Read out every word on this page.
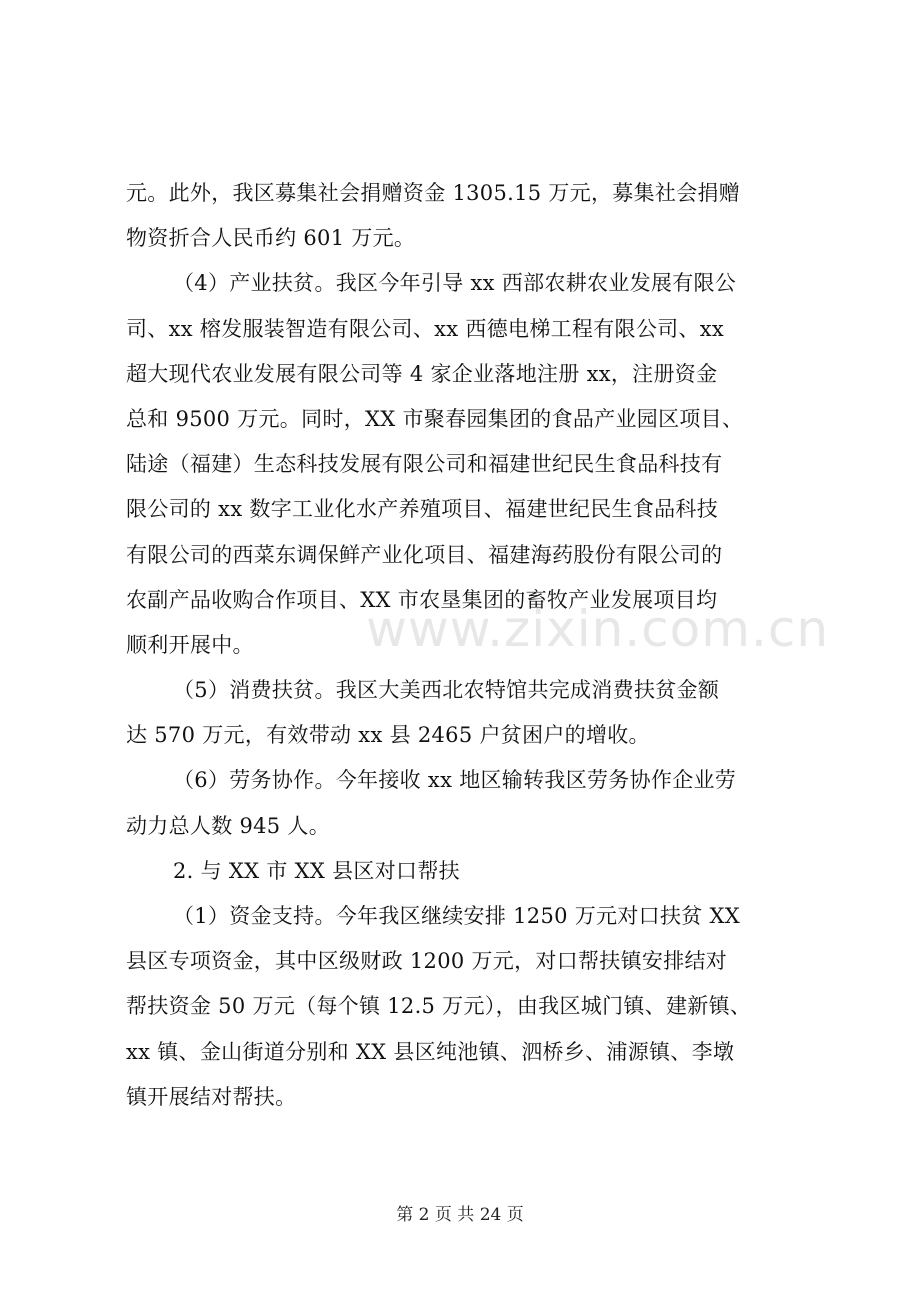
元。此外，我区募集社会捐赠资金 1305.15 万元，募集社会捐赠
物资折合人民币约 601 万元。
（4）产业扶贫。我区今年引导 xx 西部农耕农业发展有限公
司、xx 榕发服装智造有限公司、xx 西德电梯工程有限公司、xx
超大现代农业发展有限公司等 4 家企业落地注册 xx，注册资金
总和 9500 万元。同时，XX 市聚春园集团的食品产业园区项目、
陆途（福建）生态科技发展有限公司和福建世纪民生食品科技有
限公司的 xx 数字工业化水产养殖项目、福建世纪民生食品科技
有限公司的西菜东调保鲜产业化项目、福建海药股份有限公司的
农副产品收购合作项目、XX 市农垦集团的畜牧产业发展项目均
顺利开展中。
（5）消费扶贫。我区大美西北农特馆共完成消费扶贫金额
达 570 万元，有效带动 xx 县 2465 户贫困户的增收。
（6）劳务协作。今年接收 xx 地区输转我区劳务协作企业劳
动力总人数 945 人。
2. 与 XX 市 XX 县区对口帮扶
（1）资金支持。今年我区继续安排 1250 万元对口扶贫 XX
县区专项资金，其中区级财政 1200 万元，对口帮扶镇安排结对
帮扶资金 50 万元（每个镇 12.5 万元），由我区城门镇、建新镇、
xx 镇、金山街道分别和 XX 县区纯池镇、泗桥乡、浦源镇、李墩
镇开展结对帮扶。
www.zixin.com.cn
第 2 页 共 24 页
